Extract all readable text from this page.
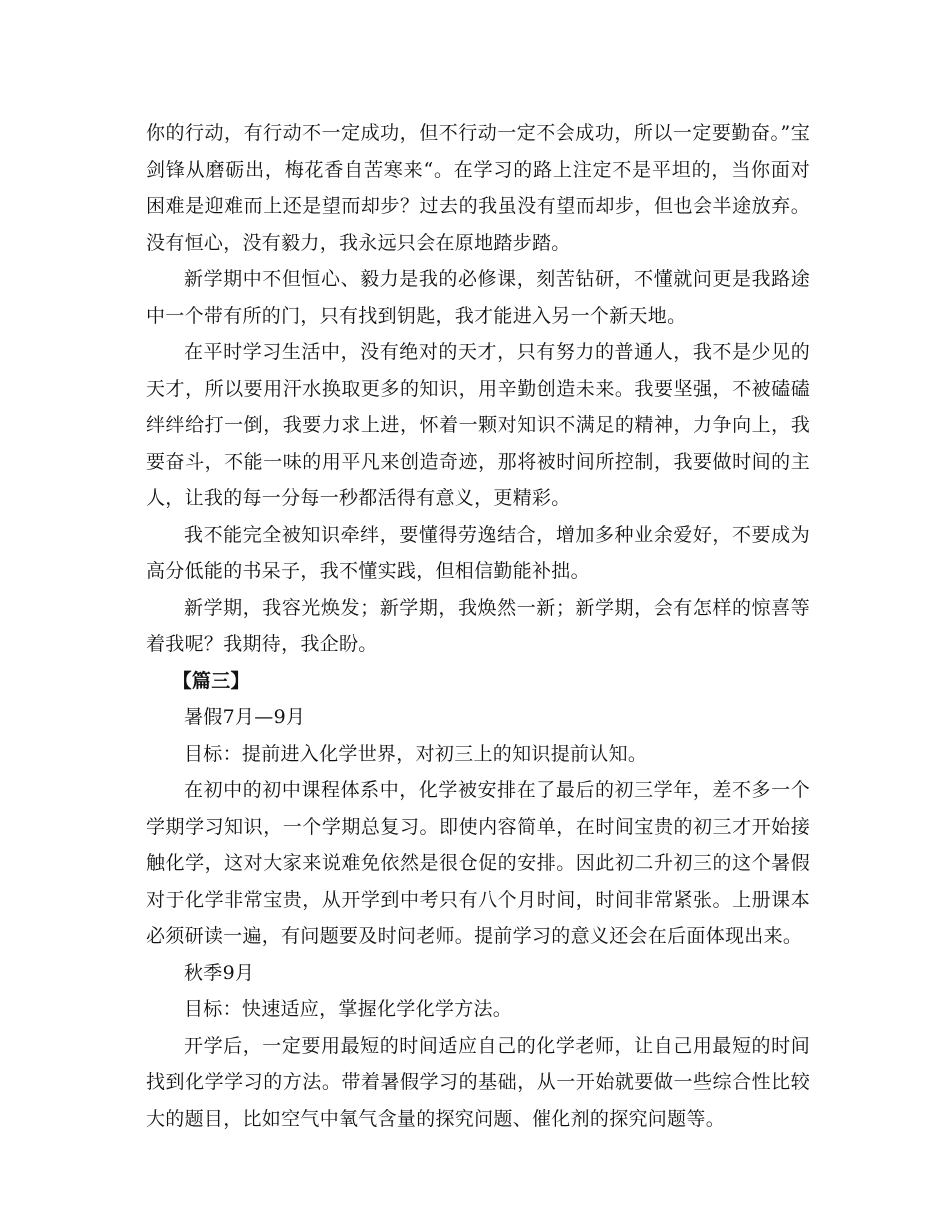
你的行动，有行动不一定成功，但不行动一定不会成功，所以一定要勤奋。”宝剑锋从磨砺出，梅花香自苦寒来“。在学习的路上注定不是平坦的，当你面对困难是迎难而上还是望而却步？过去的我虽没有望而却步，但也会半途放弃。没有恒心，没有毅力，我永远只会在原地踏步踏。

新学期中不但恒心、毅力是我的必修课，刻苦钻研，不懂就问更是我路途中一个带有所的门，只有找到钥匙，我才能进入另一个新天地。

在平时学习生活中，没有绝对的天才，只有努力的普通人，我不是少见的天才，所以要用汗水换取更多的知识，用辛勤创造未来。我要坚强，不被磕磕绊绊给打一倒，我要力求上进，怀着一颗对知识不满足的精神，力争向上，我要奋斗，不能一味的用平凡来创造奇迹，那将被时间所控制，我要做时间的主人，让我的每一分每一秒都活得有意义，更精彩。

我不能完全被知识牵绊，要懂得劳逸结合，增加多种业余爱好，不要成为高分低能的书呆子，我不懂实践，但相信勤能补拙。

新学期，我容光焕发；新学期，我焕然一新；新学期，会有怎样的惊喜等着我呢？我期待，我企盼。

【篇三】

暑假7月—9月

目标：提前进入化学世界，对初三上的知识提前认知。

在初中的初中课程体系中，化学被安排在了最后的初三学年，差不多一个学期学习知识，一个学期总复习。即使内容简单，在时间宝贵的初三才开始接触化学，这对大家来说难免依然是很仓促的安排。因此初二升初三的这个暑假对于化学非常宝贵，从开学到中考只有八个月时间，时间非常紧张。上册课本必须研读一遍，有问题要及时问老师。提前学习的意义还会在后面体现出来。

秋季9月

目标：快速适应，掌握化学化学方法。

开学后，一定要用最短的时间适应自己的化学老师，让自己用最短的时间找到化学学习的方法。带着暑假学习的基础，从一开始就要做一些综合性比较大的题目，比如空气中氧气含量的探究问题、催化剂的探究问题等。
